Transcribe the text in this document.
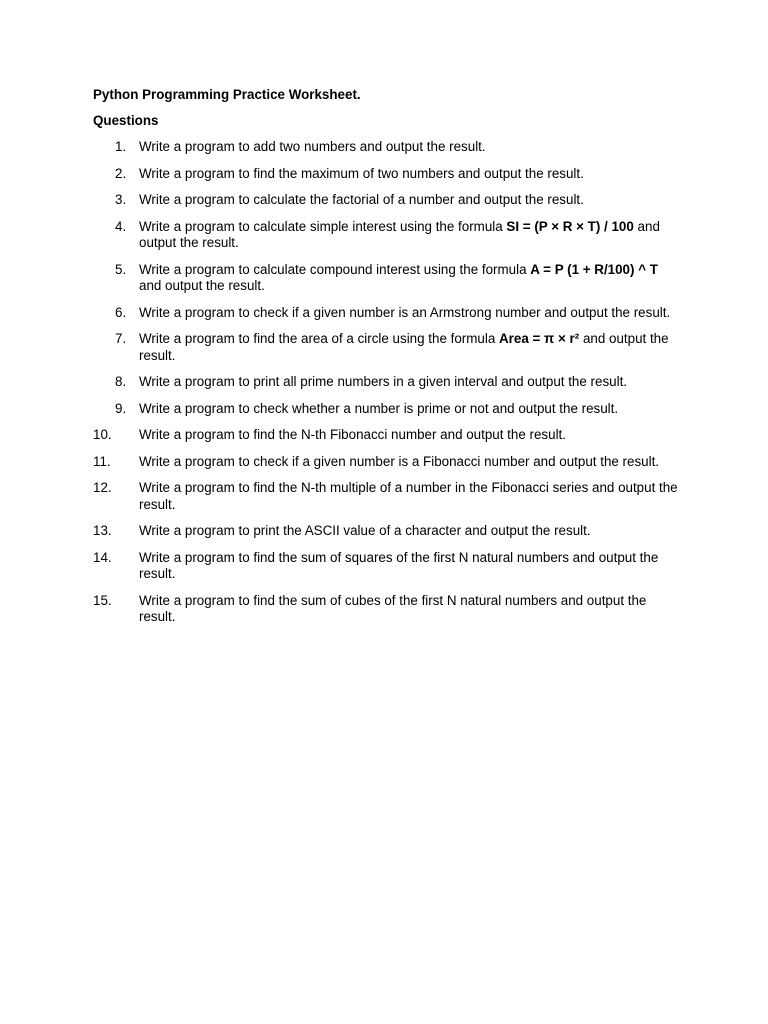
Python Programming Practice Worksheet.
Questions
1. Write a program to add two numbers and output the result.
2. Write a program to find the maximum of two numbers and output the result.
3. Write a program to calculate the factorial of a number and output the result.
4. Write a program to calculate simple interest using the formula SI = (P × R × T) / 100 and output the result.
5. Write a program to calculate compound interest using the formula A = P (1 + R/100) ^ T and output the result.
6. Write a program to check if a given number is an Armstrong number and output the result.
7. Write a program to find the area of a circle using the formula Area = π × r² and output the result.
8. Write a program to print all prime numbers in a given interval and output the result.
9. Write a program to check whether a number is prime or not and output the result.
10.	Write a program to find the N-th Fibonacci number and output the result.
11.	Write a program to check if a given number is a Fibonacci number and output the result.
12.	Write a program to find the N-th multiple of a number in the Fibonacci series and output the result.
13.	Write a program to print the ASCII value of a character and output the result.
14.	Write a program to find the sum of squares of the first N natural numbers and output the result.
15.	Write a program to find the sum of cubes of the first N natural numbers and output the result.
